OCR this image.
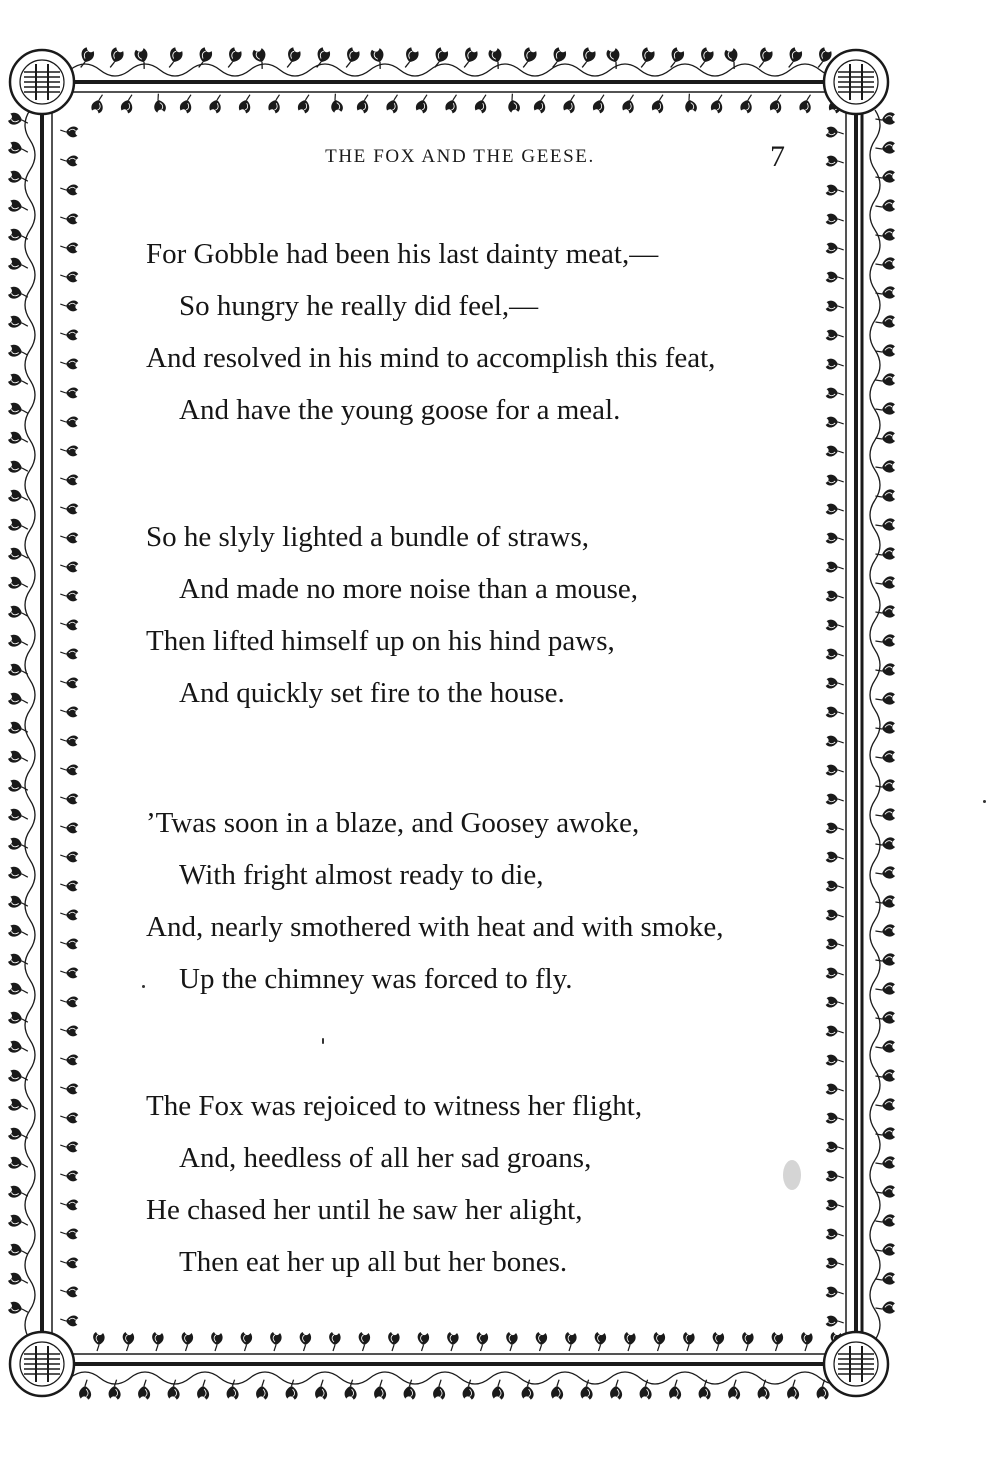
THE FOX AND THE GEESE.	7
For Gobble had been his last dainty meat,—
So hungry he really did feel,—
And resolved in his mind to accomplish this feat,
And have the young goose for a meal.
So he slyly lighted a bundle of straws,
And made no more noise than a mouse,
Then lifted himself up on his hind paws,
And quickly set fire to the house.
’Twas soon in a blaze, and Goosey awoke,
With fright almost ready to die,
And, nearly smothered with heat and with smoke,
Up the chimney was forced to fly.
The Fox was rejoiced to witness her flight,
And, heedless of all her sad groans,
He chased her until he saw her alight,
Then eat her up all but her bones.
